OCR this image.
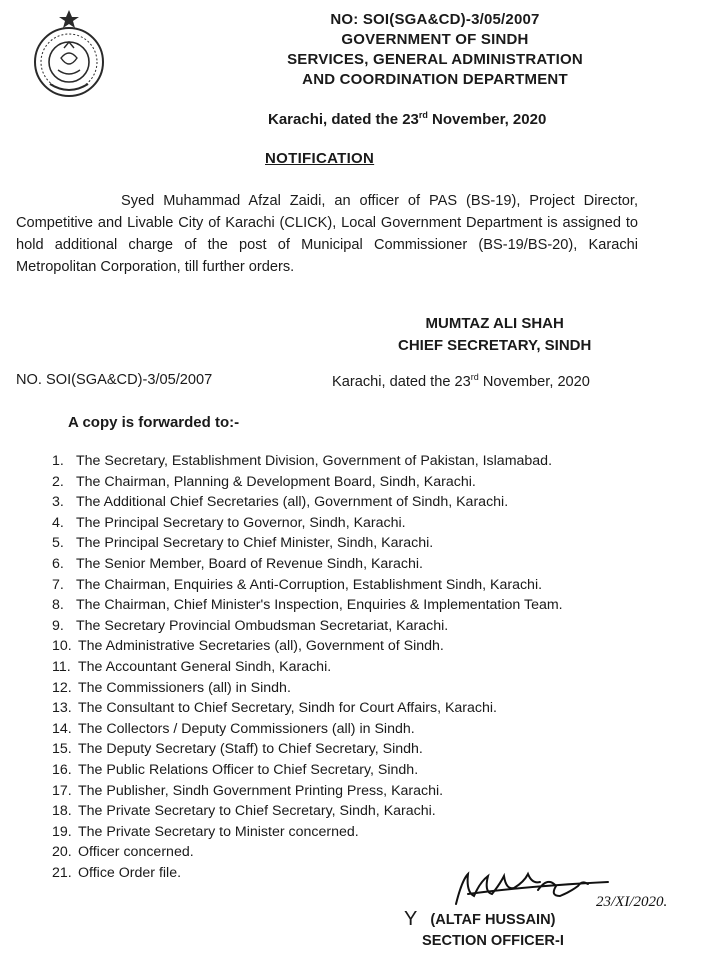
NO: SOI(SGA&CD)-3/05/2007
GOVERNMENT OF SINDH
SERVICES, GENERAL ADMINISTRATION
AND COORDINATION DEPARTMENT
Karachi, dated the 23rd November, 2020
NOTIFICATION
Syed Muhammad Afzal Zaidi, an officer of PAS (BS-19), Project Director, Competitive and Livable City of Karachi (CLICK), Local Government Department is assigned to hold additional charge of the post of Municipal Commissioner (BS-19/BS-20), Karachi Metropolitan Corporation, till further orders.
MUMTAZ ALI SHAH
CHIEF SECRETARY, SINDH
NO. SOI(SGA&CD)-3/05/2007	Karachi, dated the 23rd November, 2020
A copy is forwarded to:-
1. The Secretary, Establishment Division, Government of Pakistan, Islamabad.
2. The Chairman, Planning & Development Board, Sindh, Karachi.
3. The Additional Chief Secretaries (all), Government of Sindh, Karachi.
4. The Principal Secretary to Governor, Sindh, Karachi.
5. The Principal Secretary to Chief Minister, Sindh, Karachi.
6. The Senior Member, Board of Revenue Sindh, Karachi.
7. The Chairman, Enquiries & Anti-Corruption, Establishment Sindh, Karachi.
8. The Chairman, Chief Minister's Inspection, Enquiries & Implementation Team.
9. The Secretary Provincial Ombudsman Secretariat, Karachi.
10. The Administrative Secretaries (all), Government of Sindh.
11. The Accountant General Sindh, Karachi.
12. The Commissioners (all) in Sindh.
13. The Consultant to Chief Secretary, Sindh for Court Affairs, Karachi.
14. The Collectors / Deputy Commissioners (all) in Sindh.
15. The Deputy Secretary (Staff) to Chief Secretary, Sindh.
16. The Public Relations Officer to Chief Secretary, Sindh.
17. The Publisher, Sindh Government Printing Press, Karachi.
18. The Private Secretary to Chief Secretary, Sindh, Karachi.
19. The Private Secretary to Minister concerned.
20. Officer concerned.
21. Office Order file.
23/XI/2020.
Y (ALTAF HUSSAIN)
SECTION OFFICER-I
